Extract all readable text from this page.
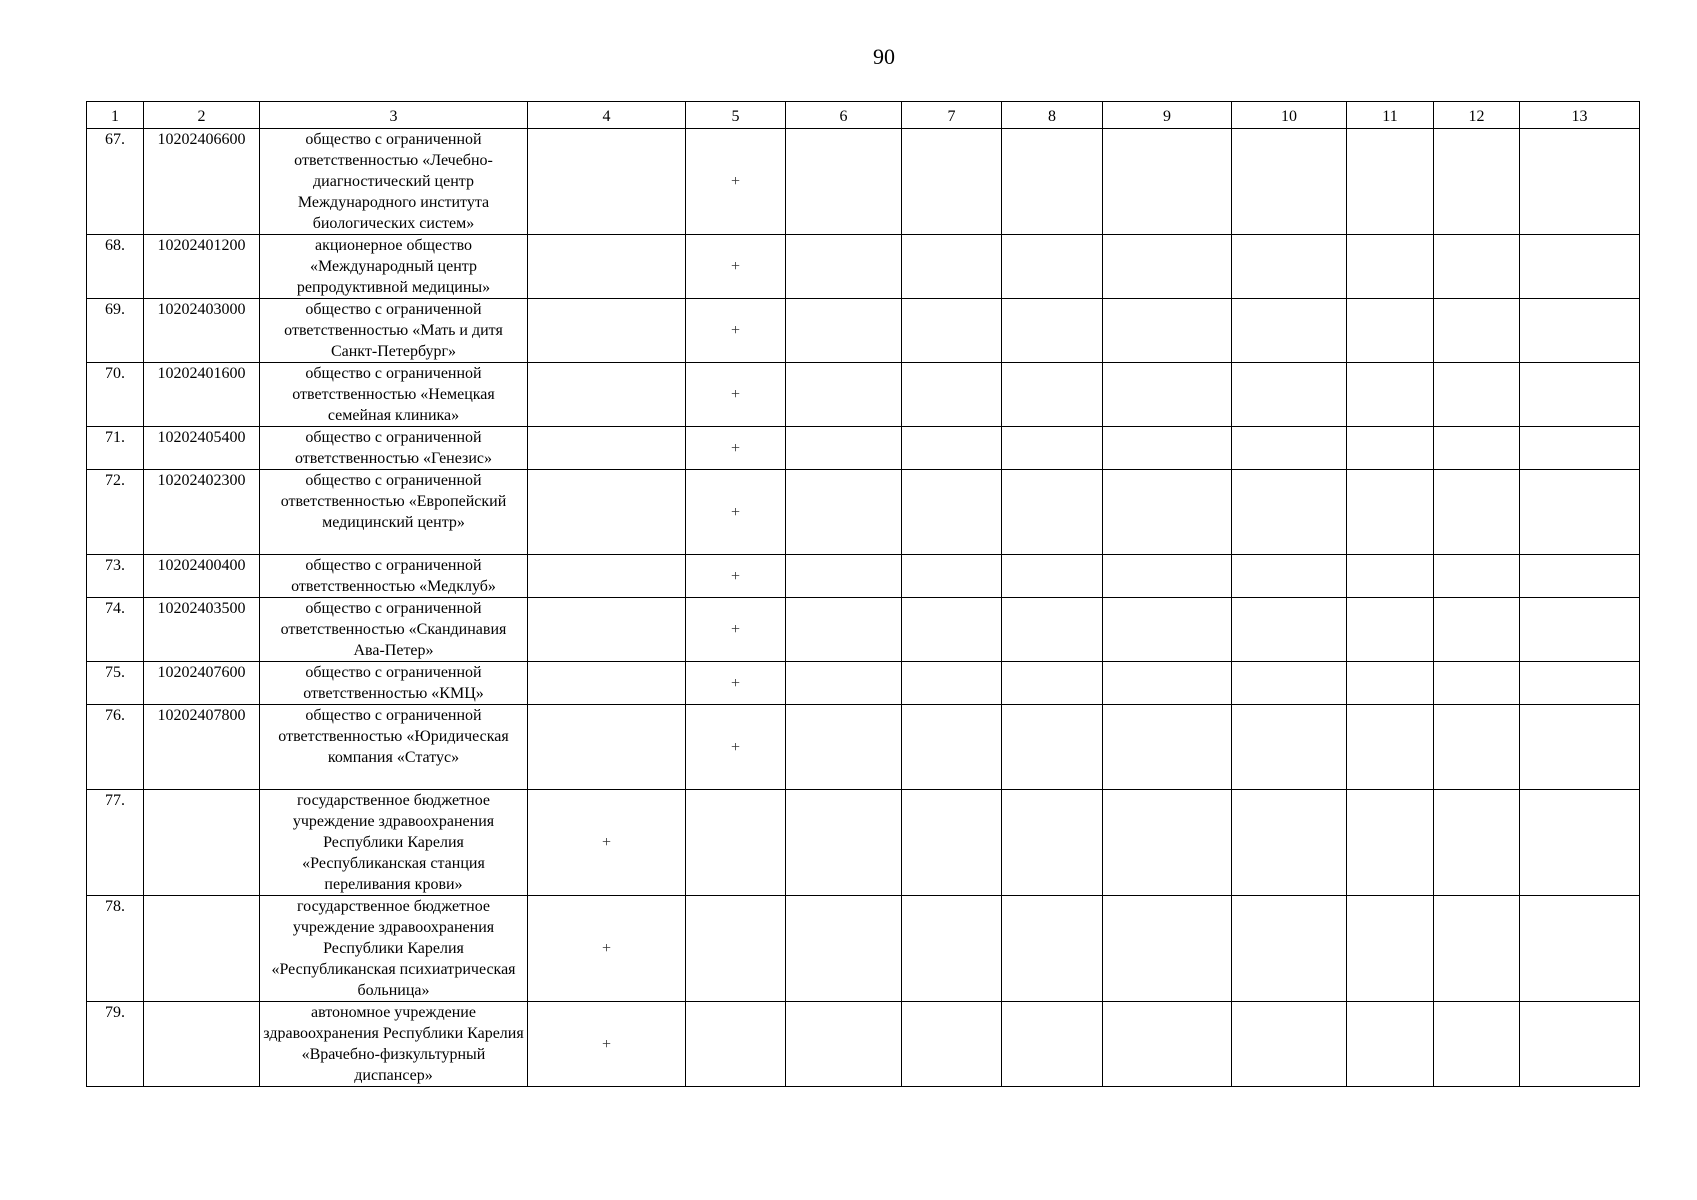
90
1	2	3	4	5	6	7	8	9	10	11	12	13
67.	10202406600	общество с ограниченной ответственностью «Лечебно-диагностический центр Международного института биологических систем»		+								
68.	10202401200	акционерное общество «Международный центр репродуктивной медицины»		+								
69.	10202403000	общество с ограниченной ответственностью «Мать и дитя Санкт-Петербург»		+								
70.	10202401600	общество с ограниченной ответственностью «Немецкая семейная клиника»		+								
71.	10202405400	общество с ограниченной ответственностью «Генезис»		+								
72.	10202402300	общество с ограниченной ответственностью «Европейский медицинский центр»		+								
73.	10202400400	общество с ограниченной ответственностью «Медклуб»		+								
74.	10202403500	общество с ограниченной ответственностью «Скандинавия Ава-Петер»		+								
75.	10202407600	общество с ограниченной ответственностью «КМЦ»		+								
76.	10202407800	общество с ограниченной ответственностью «Юридическая компания «Статус»		+								
77.		государственное бюджетное учреждение здравоохранения Республики Карелия «Республиканская станция переливания крови»	+									
78.		государственное бюджетное учреждение здравоохранения Республики Карелия «Республиканская психиатрическая больница»	+									
79.		автономное учреждение здравоохранения Республики Карелия «Врачебно-физкультурный диспансер»	+									
